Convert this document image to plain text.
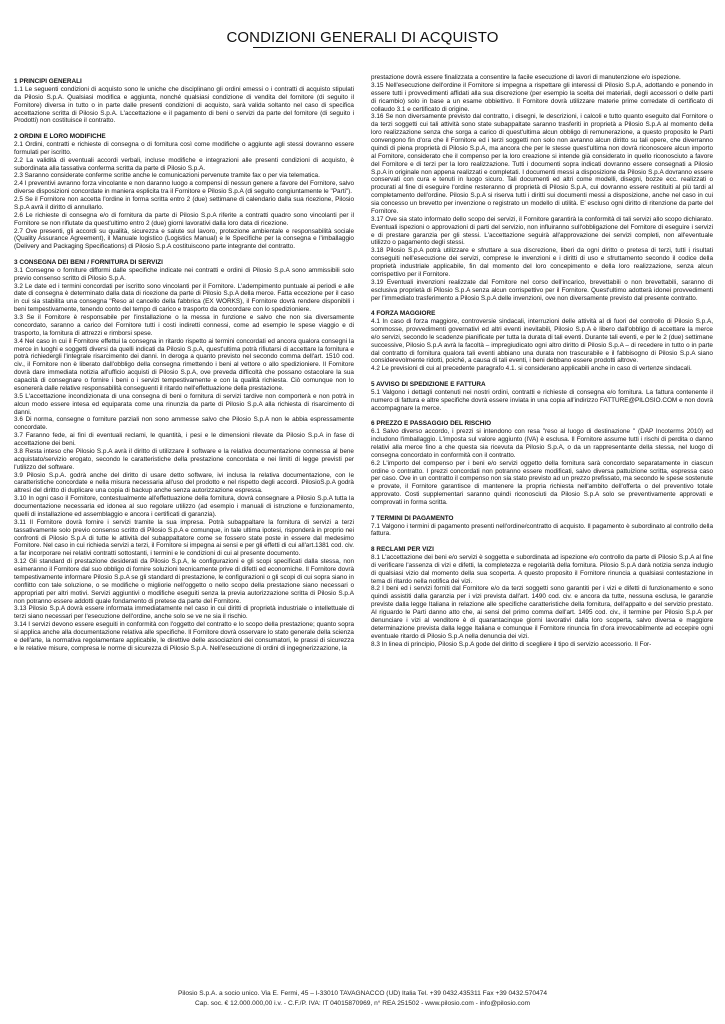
CONDIZIONI GENERALI DI ACQUISTO

1 PRINCIPI GENERALI

1.1 Le seguenti condizioni di acquisto sono le uniche che disciplinano gli ordini emessi o i contratti di acquisto stipulati da Pilosio S.p.A. Qualsiasi modifica e aggiunta, nonché qualsiasi condizione di vendita del fornitore (di seguito il Fornitore) diversa in tutto o in parte dalle presenti condizioni di acquisto, sarà valida soltanto nel caso di specifica accettazione scritta di Pilosio S.p.A. L'accettazione e il pagamento di beni o servizi da parte del fornitore (di seguito i Prodotti) non costituisce il contratto.

2 ORDINI E LORO MODIFICHE

2.1 Ordini, contratti e richieste di consegna o di fornitura così come modifiche o aggiunte agli stessi dovranno essere formulati per iscritto.

2.2 La validità di eventuali accordi verbali, incluse modifiche e integrazioni alle presenti condizioni di acquisto, è subordinata alla tassativa conferma scritta da parte di Pilosio S.p.A.

2.3 Saranno considerate conferme scritte anche le comunicazioni pervenute tramite fax o per via telematica.

2.4 I preventivi avranno forza vincolante e non daranno luogo a compensi di nessun genere a favore del Fornitore, salvo diverse disposizioni concordate in maniera esplicita tra il Fornitore e Pilosio S.p.A (di seguito congiuntamente le "Parti").

2.5 Se il Fornitore non accetta l'ordine in forma scritta entro 2 (due) settimane di calendario dalla sua ricezione, Pilosio S.p.A avrà il diritto di annullarlo.

2.6 Le richieste di consegna e/o di fornitura da parte di Pilosio S.p.A riferite a contratti quadro sono vincolanti per il Fornitore se non rifiutate da quest'ultimo entro 2 (due) giorni lavorativi dalla loro data di ricezione.

2.7 Ove presenti, gli accordi su qualità, sicurezza e salute sul lavoro, protezione ambientale e responsabilità sociale (Quality Assurance Agreement), il Manuale logistico (Logistics Manual) e le Specifiche per la consegna e l'imballaggio (Delivery and Packaging Specifications) di Pilosio S.p.A costituiscono parte integrante del contratto.

3 CONSEGNA DEI BENI / FORNITURA DI SERVIZI

3.1 Consegne o forniture difformi dalle specifiche indicate nei contratti e ordini di Pilosio S.p.A sono ammissibili solo previo consenso scritto di Pilosio S.p.A.

3.2 Le date ed i termini concordati per iscritto sono vincolanti per il Fornitore. L'adempimento puntuale ai periodi e alle date di consegna è determinato dalla data di ricezione da parte di Pilosio S.p.A della merce. Fatta eccezione per il caso in cui sia stabilita una consegna "Reso al cancello della fabbrica (EX WORKS), il Fornitore dovrà rendere disponibili i beni tempestivamente, tenendo conto del tempo di carico e trasporto da concordare con lo spedizioniere.

3.3 Se il Fornitore è responsabile per l'installazione o la messa in funzione e salvo che non sia diversamente concordato, saranno a carico del Fornitore tutti i costi indiretti connessi, come ad esempio le spese viaggio e di trasporto, la fornitura di attrezzi e rimborsi spese.

3.4 Nel caso in cui il Fornitore effettui la consegna in ritardo rispetto ai termini concordati ed ancora qualora consegni la merce in luoghi e soggetti diversi da quelli indicati da Pilosio S.p.A, quest'ultima potrà rifiutarsi di accettare la fornitura e potrà richiedergli l'integrale risarcimento dei danni. In deroga a quanto previsto nel secondo comma dell'art. 1510 cod. civ., il Fornitore non è liberato dall'obbligo della consegna rimettendo i beni al vettore o allo spedizioniere. Il Fornitore dovrà dare immediata notizia all'ufficio acquisti di Pilosio S.p.A, ove preveda difficoltà che possano ostacolare la sua capacità di consegnare o fornire i beni o i servizi tempestivamente e con la qualità richiesta. Ciò comunque non lo esonererà dalle relative responsabilità conseguenti il ritardo nell'effettuazione della prestazione.

3.5 L'accettazione incondizionata di una consegna di beni o fornitura di servizi tardive non comporterà e non potrà in alcun modo essere intesa ed equiparata come una rinunzia da parte di Pilosio S.p.A alla richiesta di risarcimento di danni.

3.6 Di norma, consegne o forniture parziali non sono ammesse salvo che Pilosio S.p.A non le abbia espressamente concordate.

3.7 Faranno fede, ai fini di eventuali reclami, le quantità, i pesi e le dimensioni rilevate da Pilosio S.p.A in fase di accettazione dei beni.

3.8 Resta inteso che Pilosio S.p.A avrà il diritto di utilizzare il software e la relativa documentazione connessa al bene acquistato/servizio erogato, secondo le caratteristiche della prestazione concordata e nei limiti di legge previsti per l'utilizzo del software.

3.9 Pilosio S.p.A. godrà anche del diritto di usare detto software, ivi inclusa la relativa documentazione, con le caratteristiche concordate e nella misura necessaria all'uso del prodotto e nel rispetto degli accordi. PilosioS.p.A godrà altresì del diritto di duplicare una copia di backup anche senza autorizzazione espressa.

3.10 In ogni caso il Fornitore, contestualmente all'effettuazione della fornitura, dovrà consegnare a Pilosio S.p.A tutta la documentazione necessaria ed idonea al suo regolare utilizzo (ad esempio i manuali di istruzione e funzionamento, quelli di installazione ed assemblaggio e ancora i certificati di garanzia).

3.11 Il Fornitore dovrà fornire i servizi tramite la sua impresa. Potrà subappaltare la fornitura di servizi a terzi tassativamente solo previo consenso scritto di Pilosio S.p.A e comunque, in tale ultima ipotesi, risponderà in proprio nei confronti di Pilosio S.p.A di tutte le attività del subappaltatore come se fossero state poste in essere dal medesimo Fornitore. Nel caso in cui richieda servizi a terzi, il Fornitore si impegna ai sensi e per gli effetti di cui all'art.1381 cod. civ. a far incorporare nei relativi contratti sottostanti, i termini e le condizioni di cui al presente documento.

3.12 Gli standard di prestazione desiderati da Pilosio S.p.A, le configurazioni e gli scopi specificati dalla stessa, non esimeranno il Fornitore dal suo obbligo di fornire soluzioni tecnicamente prive di difetti ed economiche. Il Fornitore dovrà tempestivamente informare Pilosio S.p.A se gli standard di prestazione, le configurazioni o gli scopi di cui sopra siano in conflitto con tale soluzione, o se modifiche o migliorie nell'oggetto o nello scopo della prestazione siano necessari o appropriati per altri motivi. Servizi aggiuntivi o modifiche eseguiti senza la previa autorizzazione scritta di Pilosio S.p.A non potranno essere addotti quale fondamento di pretese da parte del Fornitore.

3.13 Pilosio S.p.A dovrà essere informata immediatamente nel caso in cui diritti di proprietà industriale o intellettuale di terzi siano necessari per l'esecuzione dell'ordine, anche solo se ve ne sia il rischio.

3.14 I servizi devono essere eseguiti in conformità con l'oggetto del contratto e lo scopo della prestazione; quanto sopra si applica anche alla documentazione relativa alle specifiche. Il Fornitore dovrà osservare lo stato generale della scienza e dell'arte, la normativa regolamentare applicabile, le direttive delle associazioni dei consumatori, le prassi di sicurezza e le relative misure, compresa le norme di sicurezza di Pilosio S.p.A. Nell'esecuzione di ordini di ingegnerizzazione, la

prestazione dovrà essere finalizzata a consentire la facile esecuzione di lavori di manutenzione e/o ispezione.

3.15 Nell'esecuzione dell'ordine il Fornitore si impegna a rispettare gli interessi di Pilosio S.p.A, adottando e ponendo in essere tutti i provvedimenti affidati alla sua discrezione (per esempio la scelta dei materiali, degli accessori o delle parti di ricambio) solo in base a un esame obbiettivo. Il Fornitore dovrà utilizzare materie prime corredate di certificato di collaudo 3.1 e certificato di origine.

3.16 Se non diversamente previsto dal contratto, i disegni, le descrizioni, i calcoli e tutto quanto eseguito dal Fornitore o da terzi soggetti cui tali attività sono state subappaltate saranno trasferiti in proprietà a Pilosio S.p.A al momento della loro realizzazione senza che sorga a carico di quest'ultima alcun obbligo di remunerazione, a questo proposito le Parti convengono fin d'ora che il Fornitore ed i terzi soggetti non solo non avranno alcun diritto su tali opere, che diverranno quindi di piena proprietà di Pilosio S.p.A, ma ancora che per le stesse quest'ultima non dovrà riconoscere alcun importo al Fornitore, considerato che il compenso per la loro creazione si intende già considerato in quello riconosciuto a favore del Fornitore e di terzi per la loro realizzazione. Tutti i documenti sopra indicati dovranno essere consegnati a Pilosio S.p.A in originale non appena realizzati e completati. I documenti messi a disposizione da Pilosio S.p.A dovranno essere conservati con cura e tenuti in luogo sicuro. Tali documenti ed altri come modelli, disegni, bozze ecc. realizzati o procurati al fine di eseguire l'ordine resteranno di proprietà di Pilosio S.p.A, cui dovranno essere restituiti al più tardi al completamento dell'ordine. Pilosio S.p.A si riserva tutti i diritti sui documenti messi a disposizione, anche nel caso in cui sia concesso un brevetto per invenzione o registrato un modello di utilità. E' escluso ogni diritto di ritenzione da parte del Fornitore.

3.17 Ove sia stato informato dello scopo dei servizi, il Fornitore garantirà la conformità di tali servizi allo scopo dichiarato. Eventuali ispezioni o approvazioni di parti del servizio, non influiranno sull'obbligazione del Fornitore di eseguire i servizi e di prestare garanzia per gli stessi. L'accettazione seguirà all'approvazione dei servizi completi, non all'eventuale utilizzo o pagamento degli stessi.

3.18 Pilosio S.p.A potrà utilizzare e sfruttare a sua discrezione, liberi da ogni diritto o pretesa di terzi, tutti i risultati conseguiti nell'esecuzione dei servizi, comprese le invenzioni e i diritti di uso e sfruttamento secondo il codice della proprietà industriale applicabile, fin dal momento del loro concepimento e della loro realizzazione, senza alcun corrispettivo per il Fornitore.

3.19 Eventuali invenzioni realizzate dal Fornitore nel corso dell'incarico, brevettabili o non brevettabili, saranno di esclusiva proprietà di Pilosio S.p.A senza alcun corrispettivo per il Fornitore. Quest'ultimo adotterà idonei provvedimenti per l'immediato trasferimento a Pilosio S.p.A delle invenzioni, ove non diversamente previsto dal presente contratto.

4 FORZA MAGGIORE

4.1 In caso di forza maggiore, controversie sindacali, interruzioni delle attività al di fuori del controllo di Pilosio S.p.A, sommosse, provvedimenti governativi ed altri eventi inevitabili, Pilosio S.p.A è libero dall'obbligo di accettare la merce e/o servizi, secondo le scadenze pianificate per tutta la durata di tali eventi. Durante tali eventi, e per le 2 (due) settimane successive, Pilosio S.p.A avrà la facoltà – impregiudicato ogni altro diritto di Pilosio S.p.A – di recedere in tutto o in parte dal contratto di fornitura qualora tali eventi abbiano una durata non trascurabile e il fabbisogno di Pilosio S.p.A siano considerevolmente ridotti, poiché, a causa di tali eventi, i beni debbano essere prodotti altrove.

4.2 Le previsioni di cui al precedente paragrafo 4.1. si considerano applicabili anche in caso di vertenze sindacali.

5 AVVISO DI SPEDIZIONE E FATTURA

5.1 Valgono i dettagli contenuti nei nostri ordini, contratti e richieste di consegna e/o fornitura. La fattura contenente il numero di fattura e altre specifiche dovrà essere inviata in una copia all'indirizzo FATTURE@PILOSIO.COM e non dovrà accompagnare la merce.

6 PREZZO E PASSAGGIO DEL RISCHIO

6.1 Salvo diverso accordo, i prezzi si intendono con resa "reso al luogo di destinazione " (DAP Incoterms 2010) ed includono l'imballaggio. L'imposta sul valore aggiunto (IVA) è esclusa. Il Fornitore assume tutti i rischi di perdita o danno relativi alla merce fino a che questa sia ricevuta da Pilosio S.p.A, o da un rappresentante della stessa, nel luogo di consegna concordato in conformità con il contratto.

6.2 L'importo del compenso per i beni e/o servizi oggetto della fornitura sarà concordato separatamente in ciascun ordine o contratto. I prezzi concordati non potranno essere modificati, salvo diversa pattuizione scritta, espressa caso per caso. Ove in un contratto il compenso non sia stato previsto ad un prezzo prefissato, ma secondo le spese sostenute e provate, il Fornitore garantisce di mantenere la propria richiesta nell'ambito dell'offerta o del preventivo totale approvato. Costi supplementari saranno quindi riconosciuti da Pilosio S.p.A solo se preventivamente approvati e comprovati in forma scritta.

7 TERMINI DI PAGAMENTO

7.1 Valgono i termini di pagamento presenti nell'ordine/contratto di acquisto. Il pagamento è subordinato al controllo della fattura.

8 RECLAMI PER VIZI

8.1 L'accettazione dei beni e/o servizi è soggetta e subordinata ad ispezione e/o controllo da parte di Pilosio S.p.A al fine di verificare l'assenza di vizi e difetti, la completezza e regolarità della fornitura. Pilosio S.p.A darà notizia senza indugio di qualsiasi vizio dal momento della sua scoperta. A questo proposito il Fornitore rinuncia a qualsiasi contestazione in tema di ritardo nella notifica dei vizi.

8.2 I beni ed i servizi forniti dal Fornitore e/o da terzi soggetti sono garantiti per i vizi e difetti di funzionamento e sono quindi assistiti dalla garanzia per i vizi prevista dall'art. 1490 cod. civ. e ancora da tutte, nessuna esclusa, le garanzie previste dalla legge Italiana in relazione alle specifiche caratteristiche della fornitura, dell'appalto e del servizio prestato. Al riguardo le Parti danno atto che, ai sensi del primo comma dell'art. 1495 cod. civ., il termine per Pilosio S.p.A per denunciare i vizi al venditore è di quarantacinque giorni lavorativi dalla loro scoperta, salvo diversa e maggiore determinazione prevista dalla legge Italiana e comunque il Fornitore rinuncia fin d'ora irrevocabilmente ad eccepire ogni eventuale ritardo di Pilosio S.p.A nella denuncia dei vizi.

8.3 In linea di principio, Pilosio S.p.A gode del diritto di scegliere il tipo di servizio accessorio. Il For-

Pilosio S.p.A. a socio unico. Via E. Fermi, 45 – I-33010 TAVAGNACCO (UD) Italia Tel. +39 0432.435311 Fax +39 0432.570474
Cap. soc. € 12.000.000,00 i.v. - C.F./P. IVA: IT 04015870969, n° REA 251502 - www.pilosio.com - info@pilosio.com
